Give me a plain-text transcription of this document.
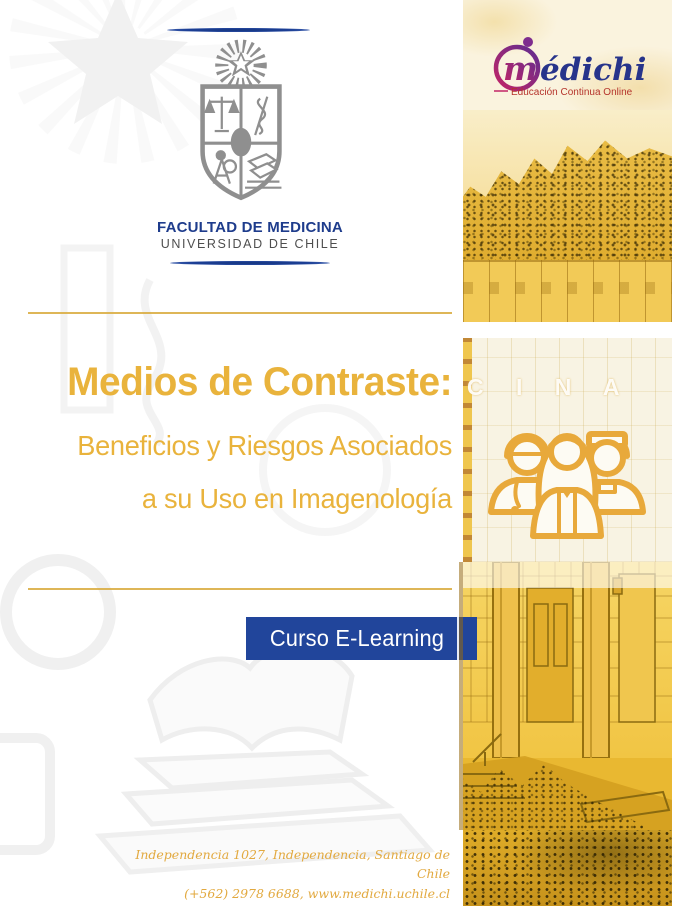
FACULTAD DE MEDICINA
UNIVERSIDAD DE CHILE
Medios de Contraste:
Beneficios y Riesgos Asociados
a su Uso en Imagenología
m édichi
Educación Continua Online
C I N A
Curso E-Learning
Independencia 1027, Independencia, Santiago de Chile
(+562) 2978 6688, www.medichi.uchile.cl
